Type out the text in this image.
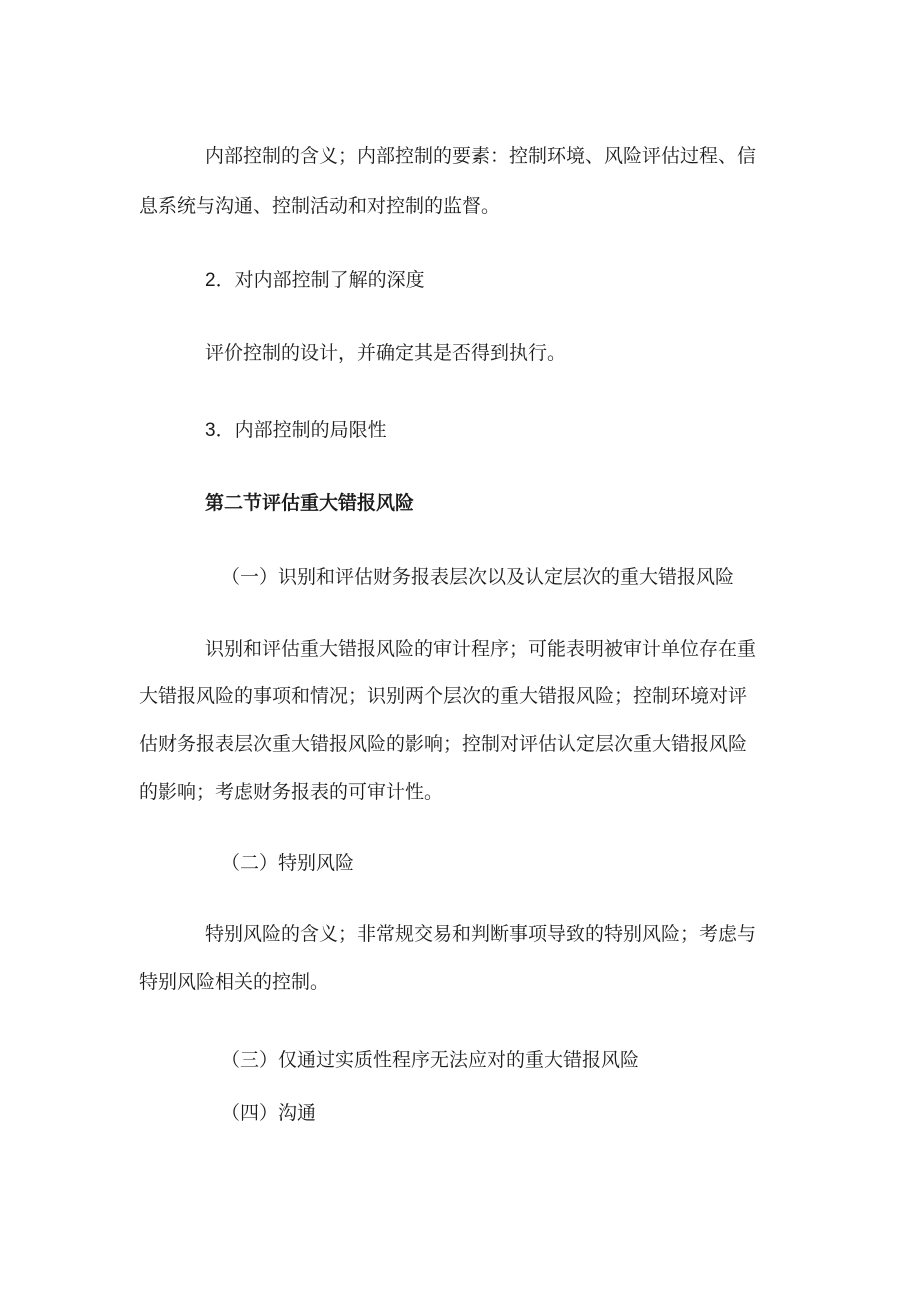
内部控制的含义；内部控制的要素：控制环境、风险评估过程、信
息系统与沟通、控制活动和对控制的监督。
2．对内部控制了解的深度
评价控制的设计，并确定其是否得到执行。
3．内部控制的局限性
第二节评估重大错报风险
（一）识别和评估财务报表层次以及认定层次的重大错报风险
识别和评估重大错报风险的审计程序；可能表明被审计单位存在重
大错报风险的事项和情况；识别两个层次的重大错报风险；控制环境对评
估财务报表层次重大错报风险的影响；控制对评估认定层次重大错报风险
的影响；考虑财务报表的可审计性。
（二）特别风险
特别风险的含义；非常规交易和判断事项导致的特别风险；考虑与
特别风险相关的控制。
（三）仅通过实质性程序无法应对的重大错报风险
（四）沟通
